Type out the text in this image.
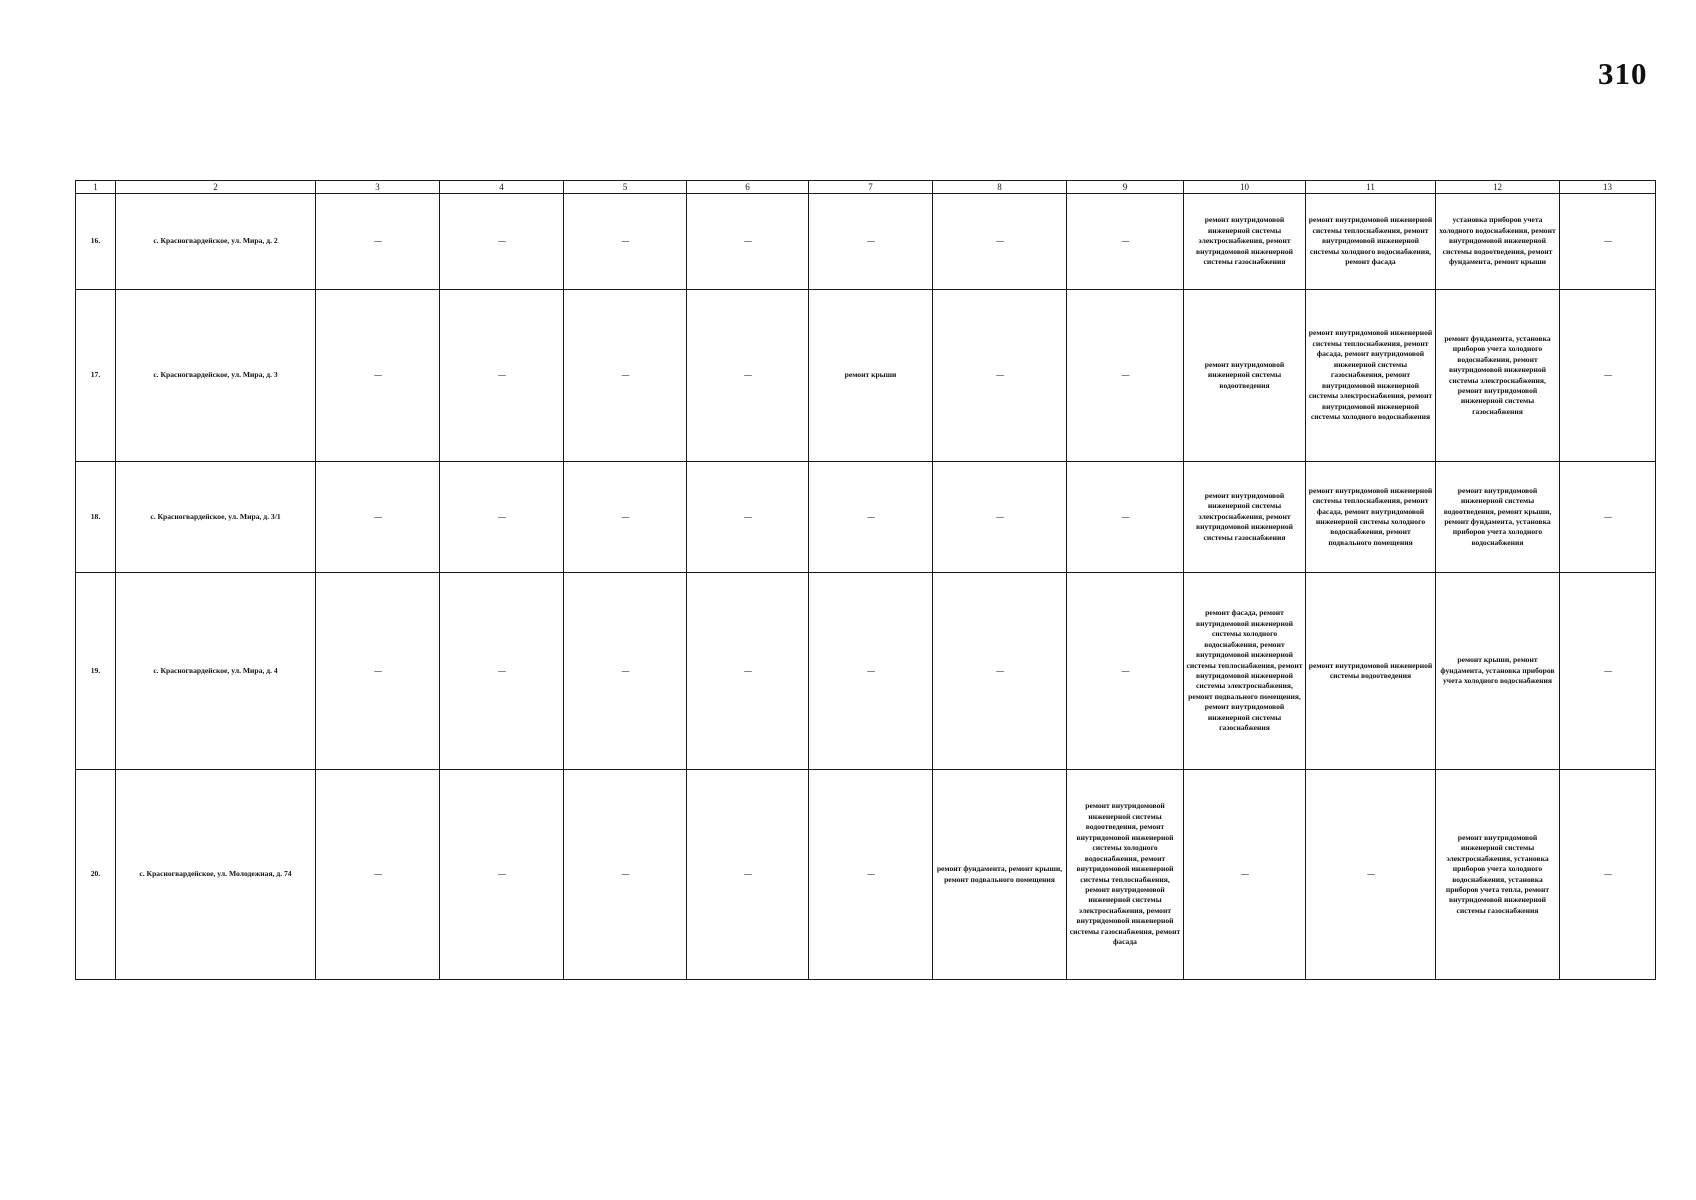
310
1	2	3	4	5	6	7	8	9	10	11	12	13
16.	с. Красногвардейское, ул. Мира, д. 2	—	—	—	—	—	—	—	ремонт внутридомовой инженерной системы электроснабжения, ремонт внутридомовой инженерной системы газоснабжения	ремонт внутридомовой инженерной системы теплоснабжения, ремонт внутридомовой инженерной системы холодного водоснабжения, ремонт фасада	установка приборов учета холодного водоснабжения, ремонт внутридомовой инженерной системы водоотведения, ремонт фундамента, ремонт крыши	—
17.	с. Красногвардейское, ул. Мира, д. 3	—	—	—	—	ремонт крыши	—	—	ремонт внутридомовой инженерной системы водоотведения	ремонт внутридомовой инженерной системы теплоснабжения, ремонт фасада, ремонт внутридомовой инженерной системы газоснабжения, ремонт внутридомовой инженерной системы электроснабжения, ремонт внутридомовой инженерной системы холодного водоснабжения	ремонт фундамента, установка приборов учета холодного водоснабжения, ремонт внутридомовой инженерной системы электроснабжения, ремонт внутридомовой инженерной системы газоснабжения	—
18.	с. Красногвардейское, ул. Мира, д. 3/1	—	—	—	—	—	—	—	ремонт внутридомовой инженерной системы электроснабжения, ремонт внутридомовой инженерной системы газоснабжения	ремонт внутридомовой инженерной системы теплоснабжения, ремонт фасада, ремонт внутридомовой инженерной системы холодного водоснабжения, ремонт подвального помещения	ремонт внутридомовой инженерной системы водоотведения, ремонт крыши, ремонт фундамента, установка приборов учета холодного водоснабжения	—
19.	с. Красногвардейское, ул. Мира, д. 4	—	—	—	—	—	—	—	ремонт фасада, ремонт внутридомовой инженерной системы холодного водоснабжения, ремонт внутридомовой инженерной системы теплоснабжения, ремонт внутридомовой инженерной системы электроснабжения, ремонт подвального помещения, ремонт внутридомовой инженерной системы газоснабжения	ремонт внутридомовой инженерной системы водоотведения	ремонт крыши, ремонт фундамента, установка приборов учета холодного водоснабжения	—
20.	с. Красногвардейское, ул. Молодежная, д. 74	—	—	—	—	—	ремонт фундамента, ремонт крыши, ремонт подвального помещения	ремонт внутридомовой инженерной системы водоотведения, ремонт внутридомовой инженерной системы холодного водоснабжения, ремонт внутридомовой инженерной системы теплоснабжения, ремонт внутридомовой инженерной системы электроснабжения, ремонт внутридомовой инженерной системы газоснабжения, ремонт фасада	—	—	ремонт внутридомовой инженерной системы электроснабжения, установка приборов учета холодного водоснабжения, установка приборов учета тепла, ремонт внутридомовой инженерной системы газоснабжения	—
